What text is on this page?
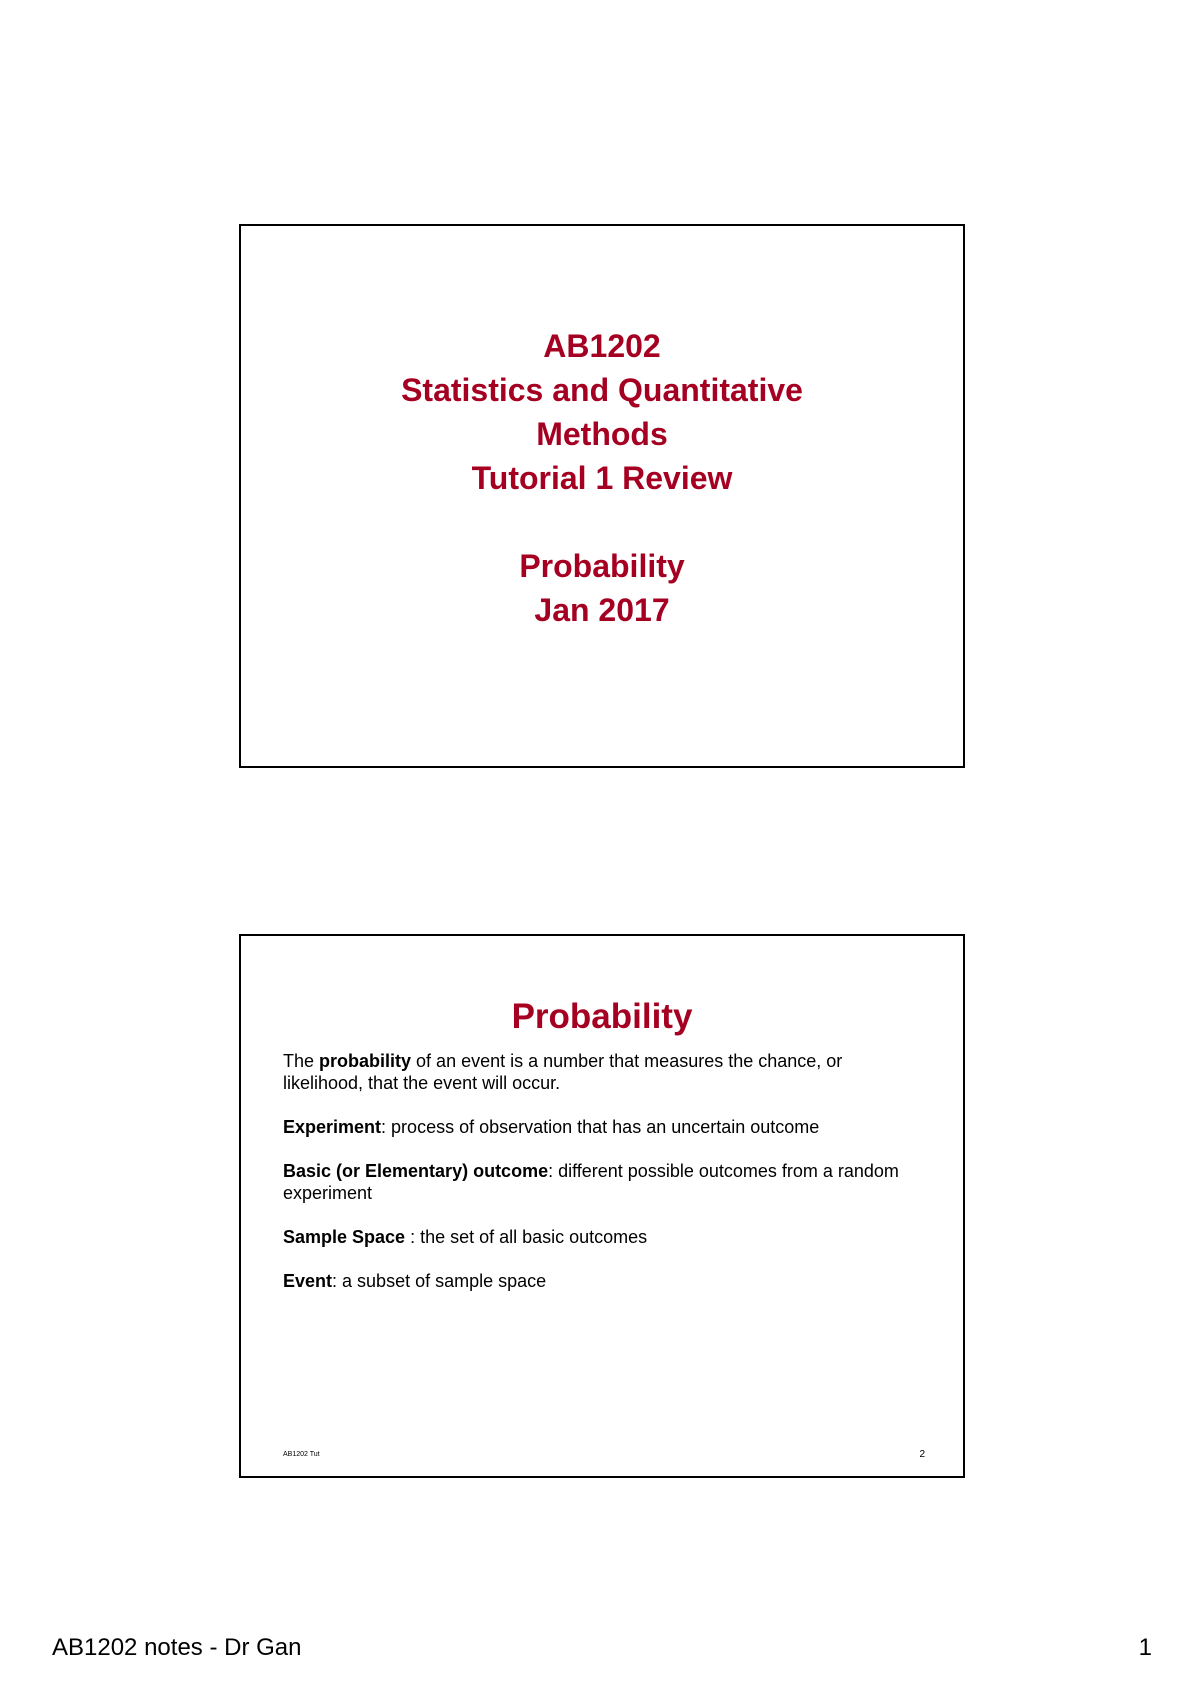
AB1202
Statistics and Quantitative
Methods
Tutorial 1 Review
Probability
Jan 2017
Probability

The probability of an event is a number that measures the chance, or likelihood, that the event will occur.

Experiment: process of observation that has an uncertain outcome

Basic (or Elementary) outcome: different possible outcomes from a random experiment

Sample Space : the set of all basic outcomes

Event: a subset of sample space

AB1202 Tut	2
AB1202 notes - Dr Gan	1
